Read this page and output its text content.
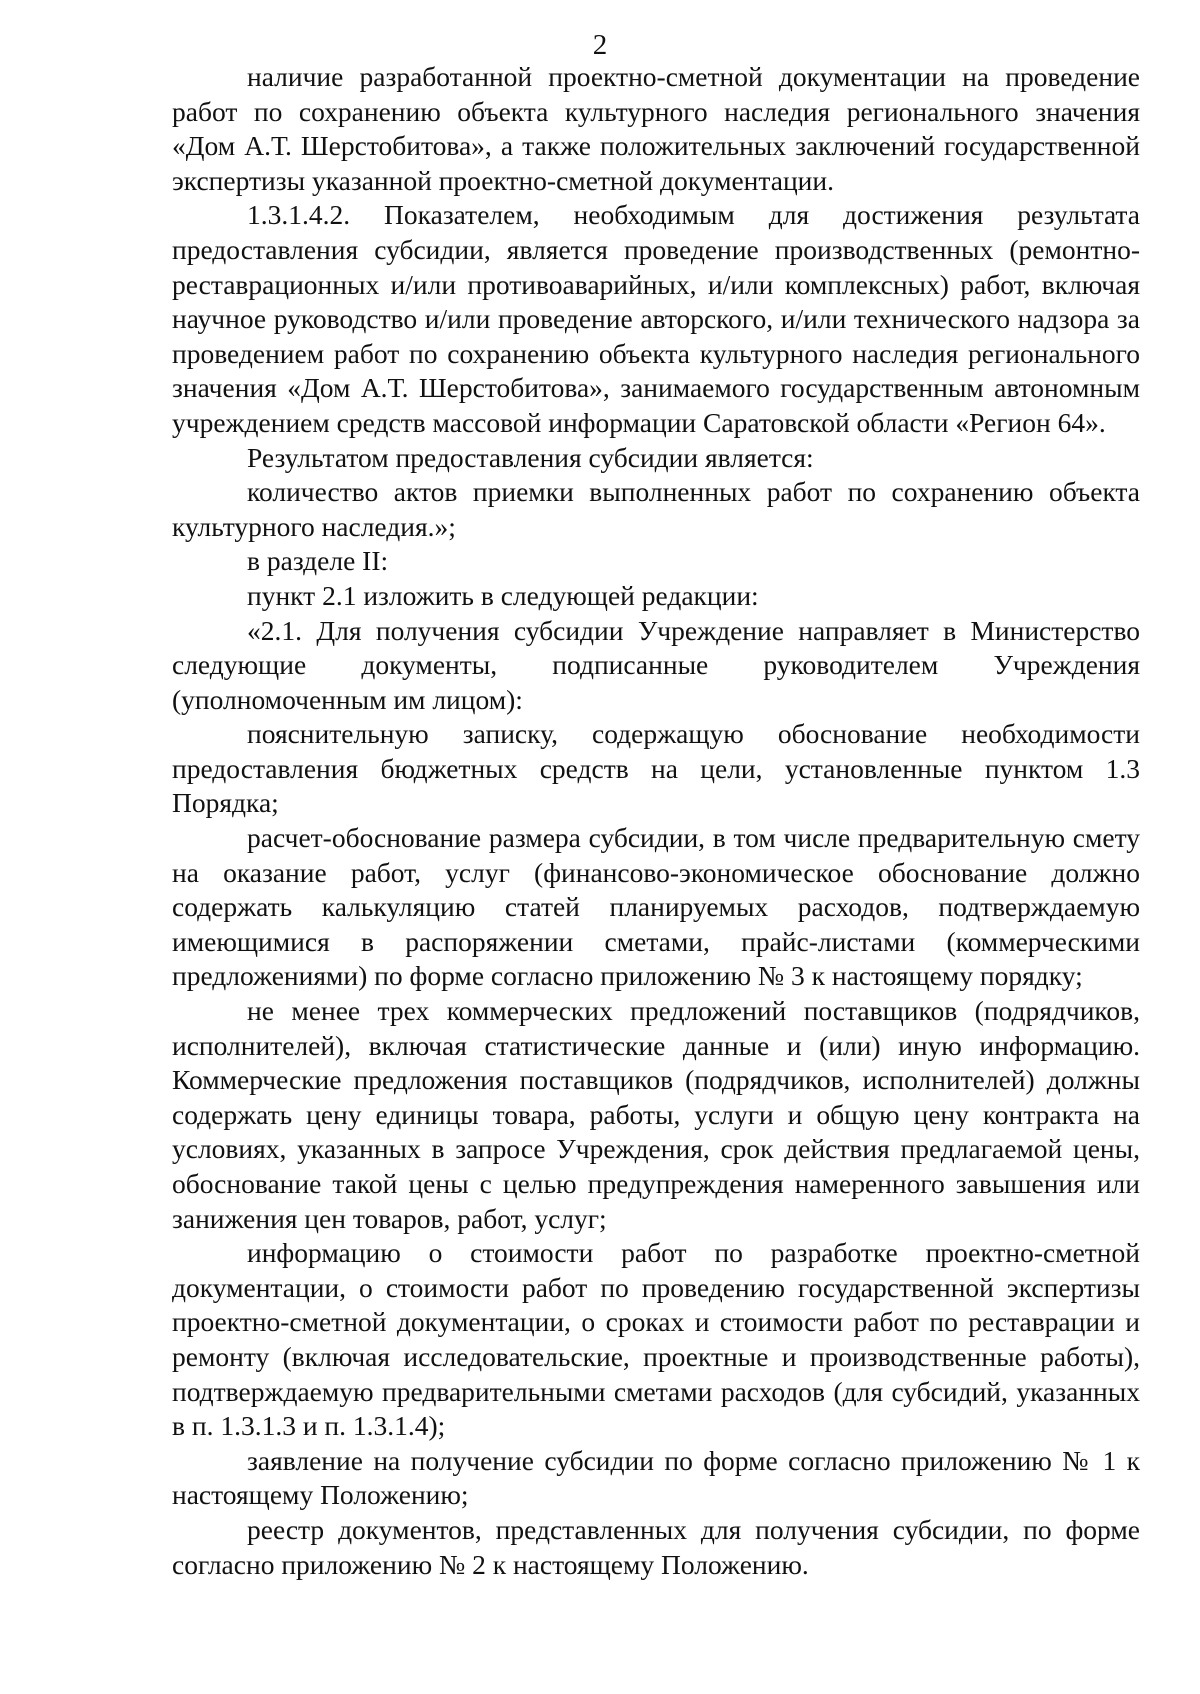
2

наличие разработанной проектно-сметной документации на проведение работ по сохранению объекта культурного наследия регионального значения «Дом А.Т. Шерстобитова», а также положительных заключений государственной экспертизы указанной проектно-сметной документации.

1.3.1.4.2. Показателем, необходимым для достижения результата предоставления субсидии, является проведение производственных (ремонтно-реставрационных и/или противоаварийных, и/или комплексных) работ, включая научное руководство и/или проведение авторского, и/или технического надзора за проведением работ по сохранению объекта культурного наследия регионального значения «Дом А.Т. Шерстобитова», занимаемого государственным автономным учреждением средств массовой информации Саратовской области «Регион 64».

Результатом предоставления субсидии является:

количество актов приемки выполненных работ по сохранению объекта культурного наследия.»;

в разделе II:

пункт 2.1 изложить в следующей редакции:

«2.1. Для получения субсидии Учреждение направляет в Министерство следующие документы, подписанные руководителем Учреждения (уполномоченным им лицом):

пояснительную записку, содержащую обоснование необходимости предоставления бюджетных средств на цели, установленные пунктом 1.3 Порядка;

расчет-обоснование размера субсидии, в том числе предварительную смету на оказание работ, услуг (финансово-экономическое обоснование должно содержать калькуляцию статей планируемых расходов, подтверждаемую имеющимися в распоряжении сметами, прайс-листами (коммерческими предложениями) по форме согласно приложению № 3 к настоящему порядку;

не менее трех коммерческих предложений поставщиков (подрядчиков, исполнителей), включая статистические данные и (или) иную информацию. Коммерческие предложения поставщиков (подрядчиков, исполнителей) должны содержать цену единицы товара, работы, услуги и общую цену контракта на условиях, указанных в запросе Учреждения, срок действия предлагаемой цены, обоснование такой цены с целью предупреждения намеренного завышения или занижения цен товаров, работ, услуг;

информацию о стоимости работ по разработке проектно-сметной документации, о стоимости работ по проведению государственной экспертизы проектно-сметной документации, о сроках и стоимости работ по реставрации и ремонту (включая исследовательские, проектные и производственные работы), подтверждаемую предварительными сметами расходов (для субсидий, указанных в п. 1.3.1.3 и п. 1.3.1.4);

заявление на получение субсидии по форме согласно приложению № 1 к настоящему Положению;

реестр документов, представленных для получения субсидии, по форме согласно приложению № 2 к настоящему Положению.
